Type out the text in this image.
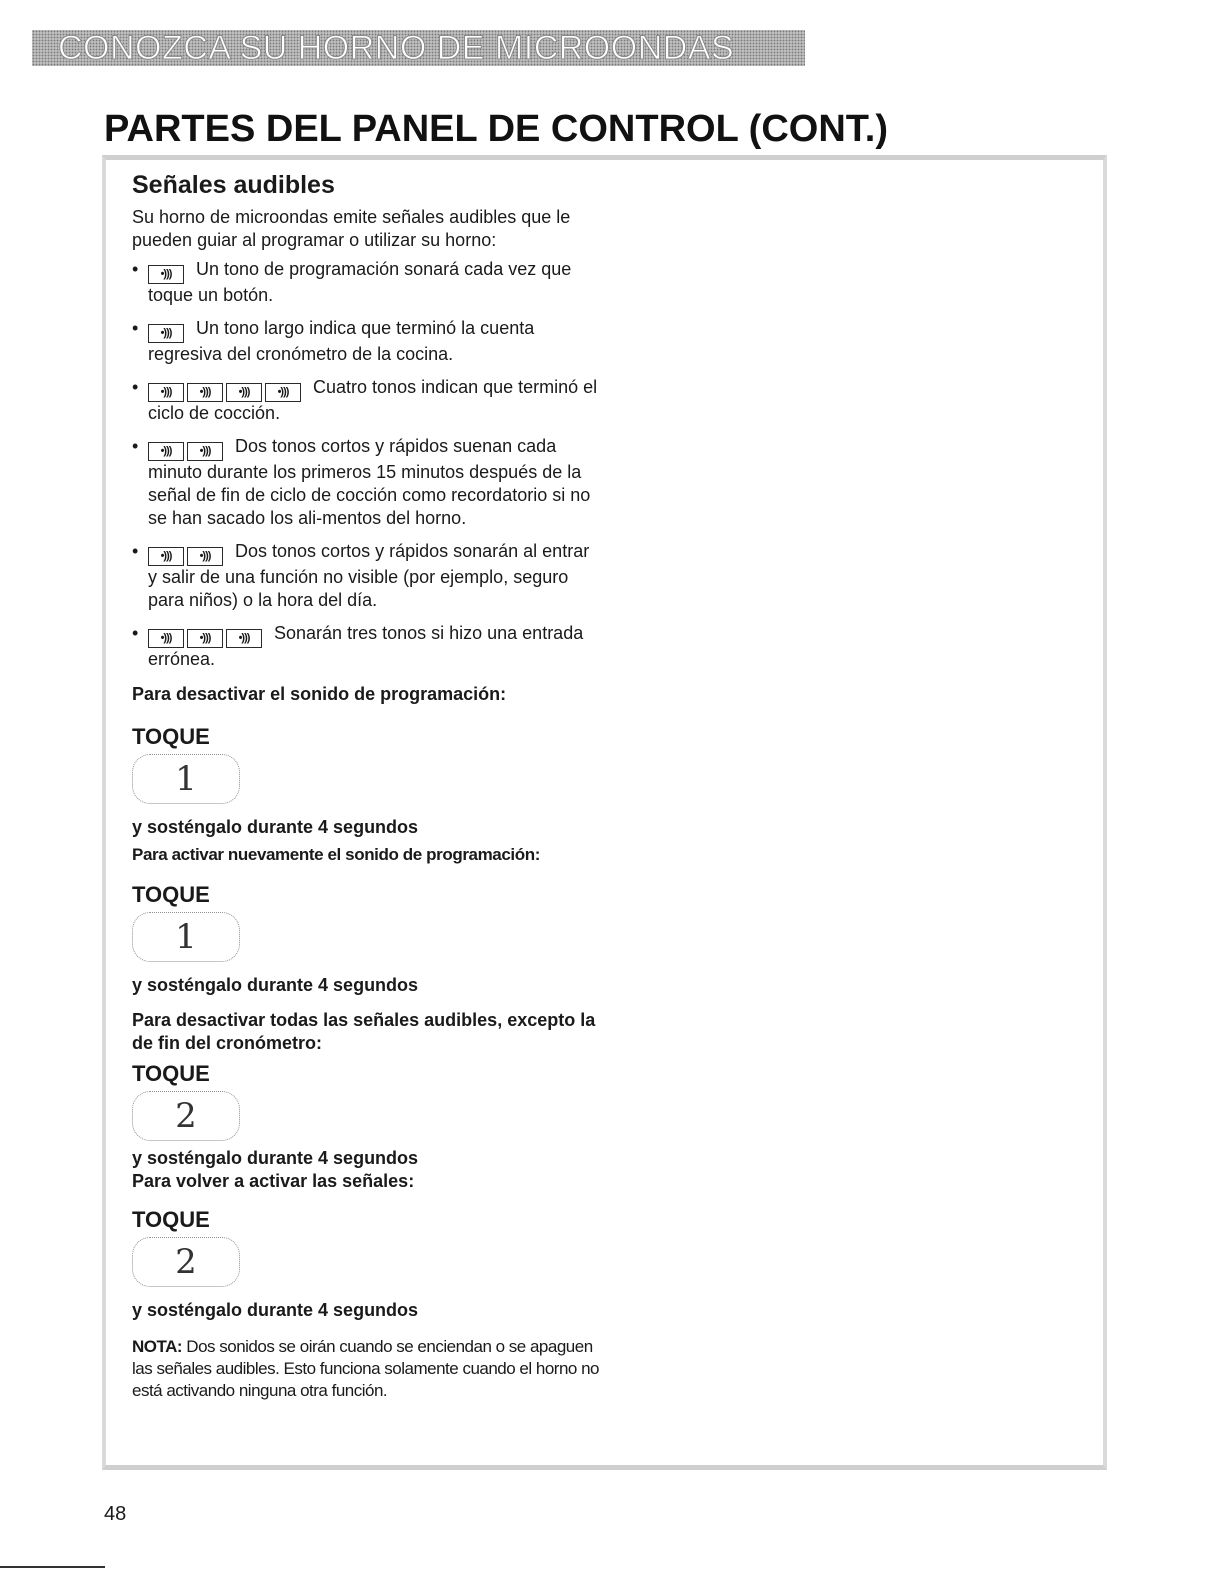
CONOZCA SU HORNO DE MICROONDAS
PARTES DEL PANEL DE CONTROL (CONT.)
Señales audibles

Su horno de microondas emite señales audibles que le pueden guiar al programar o utilizar su horno:

• •))) Un tono de programación sonará cada vez que toque un botón.
• •))) Un tono largo indica que terminó la cuenta regresiva del cronómetro de la cocina.
• •)))	•)))	•)))	•))) Cuatro tonos indican que terminó el ciclo de cocción.
• •)))	•))) Dos tonos cortos y rápidos suenan cada minuto durante los primeros 15 minutos después de la señal de fin de ciclo de cocción como recordatorio si no se han sacado los ali-mentos del horno.
• •)))	•))) Dos tonos cortos y rápidos sonarán al entrar y salir de una función no visible (por ejemplo, seguro para niños) o la hora del día.
• •)))	•)))	•))) Sonarán tres tonos si hizo una entrada errónea.

Para desactivar el sonido de programación:

TOQUE

1

y sosténgalo durante 4 segundos

Para activar nuevamente el sonido de programación:

TOQUE

1

y sosténgalo durante 4 segundos

Para desactivar todas las señales audibles, excepto la de fin del cronómetro:

TOQUE

2

y sosténgalo durante 4 segundos

Para volver a activar las señales:

TOQUE

2

y sosténgalo durante 4 segundos

NOTA: Dos sonidos se oirán cuando se enciendan o se apaguen las señales audibles. Esto funciona solamente cuando el horno no está activando ninguna otra función.

48
